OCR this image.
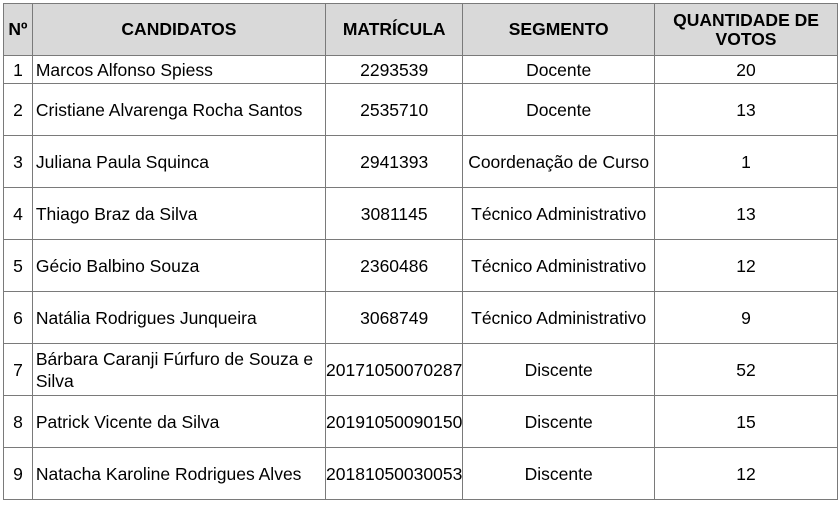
Nº	CANDIDATOS	MATRÍCULA	SEGMENTO	QUANTIDADE DE
VOTOS
1	Marcos Alfonso Spiess	2293539	Docente	20
2	Cristiane Alvarenga Rocha Santos	2535710	Docente	13
3	Juliana Paula Squinca	2941393	Coordenação de Curso	1
4	Thiago Braz da Silva	3081145	Técnico Administrativo	13
5	Gécio Balbino Souza	2360486	Técnico Administrativo	12
6	Natália Rodrigues Junqueira	3068749	Técnico Administrativo	9
7	Bárbara Caranji Fúrfuro de Souza e Silva	20171050070287	Discente	52
8	Patrick Vicente da Silva	20191050090150	Discente	15
9	Natacha Karoline Rodrigues Alves	20181050030053	Discente	12
